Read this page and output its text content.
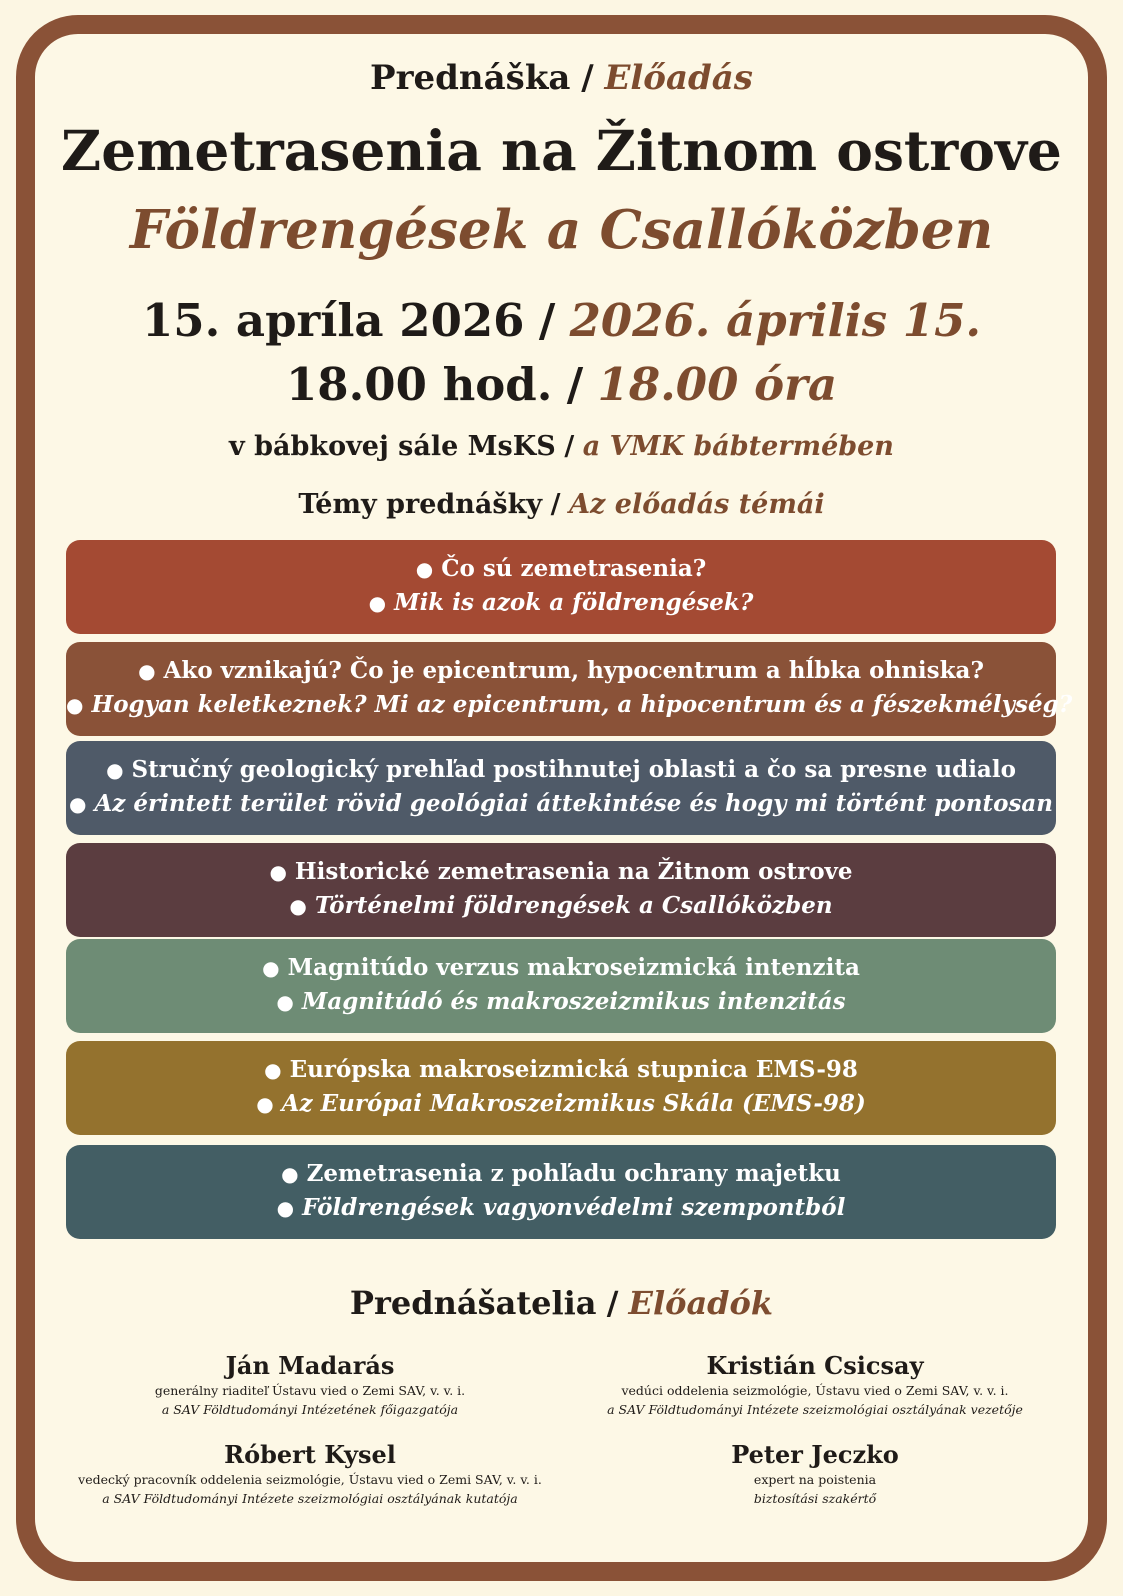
Prednáška / Előadás
Zemetrasenia na Žitnom ostrove
Földrengések a Csallóközben
15. apríla 2026 / 2026. április 15.
18.00 hod. / 18.00 óra
v bábkovej sále MsKS / a VMK bábtermében
Témy prednášky / Az előadás témái
● Čo sú zemetrasenia?
● Mik is azok a földrengések?
● Ako vznikajú? Čo je epicentrum, hypocentrum a hĺbka ohniska?
● Hogyan keletkeznek? Mi az epicentrum, a hipocentrum és a fészekmélység?
● Stručný geologický prehľad postihnutej oblasti a čo sa presne udialo
● Az érintett terület rövid geológiai áttekintése és hogy mi történt pontosan
● Historické zemetrasenia na Žitnom ostrove
● Történelmi földrengések a Csallóközben
● Magnitúdo verzus makroseizmická intenzita
● Magnitúdó és makroszeizmikus intenzitás
● Európska makroseizmická stupnica EMS-98
● Az Európai Makroszeizmikus Skála (EMS-98)
● Zemetrasenia z pohľadu ochrany majetku
● Földrengések vagyonvédelmi szempontból
Prednášatelia / Előadók
Ján Madarás
generálny riaditeľ Ústavu vied o Zemi SAV, v. v. i.
a SAV Földtudományi Intézetének főigazgatója
Kristián Csicsay
vedúci oddelenia seizmológie, Ústavu vied o Zemi SAV, v. v. i.
a SAV Földtudományi Intézete szeizmológiai osztályának vezetője
Róbert Kysel
vedecký pracovník oddelenia seizmológie, Ústavu vied o Zemi SAV, v. v. i.
a SAV Földtudományi Intézete szeizmológiai osztályának kutatója
Peter Jeczko
expert na poistenia
biztosítási szakértő
